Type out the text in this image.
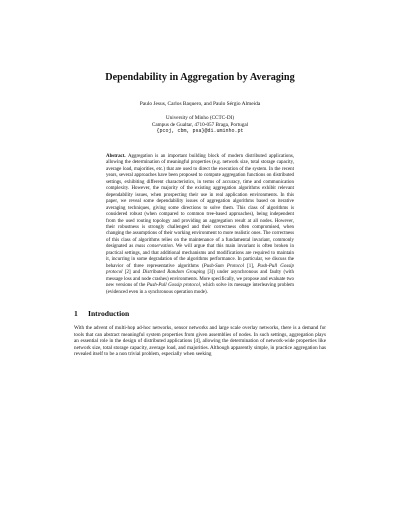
Dependability in Aggregation by Averaging
Paulo Jesus, Carlos Baquero, and Paulo Sérgio Almeida
University of Minho (CCTC-DI)
Campus de Gualtar, 4710-057 Braga, Portugal
{pcoj, cbm, psa}@di.uminho.pt
Abstract. Aggregation is an important building block of modern distributed applications, allowing the determination of meaningful properties (e.g. network size, total storage capacity, average load, majorities, etc.) that are used to direct the execution of the system. In the recent years, several approaches have been proposed to compute aggregation functions on distributed settings, exhibiting different characteristics, in terms of accuracy, time and communication complexity. However, the majority of the existing aggregation algorithms exhibit relevant dependability issues, when prospecting their use in real application environments. In this paper, we reveal some dependability issues of aggregation algorithms based on iterative averaging techniques, giving some directions to solve them. This class of algorithms is considered robust (when compared to common tree-based approaches), being independent from the used routing topology and providing an aggregation result at all nodes. However, their robustness is strongly challenged and their correctness often compromised, when changing the assumptions of their working environment to more realistic ones. The correctness of this class of algorithms relies on the maintenance of a fundamental invariant, commonly designated as mass conservation. We will argue that this main invariant is often broken in practical settings, and that additional mechanisms and modifications are required to maintain it, incurring in some degradation of the algorithms performance. In particular, we discuss the behavior of three representative algorithms (Push-Sum Protocol [1], Push-Pull Gossip protocol [2] and Distributed Random Grouping [3]) under asynchronous and faulty (with message loss and node crashes) environments. More specifically, we propose and evaluate two new versions of the Push-Pull Gossip protocol, which solve its message interleaving problem (evidenced even in a synchronous operation mode).
1 Introduction
With the advent of multi-hop ad-hoc networks, sensor networks and large scale overlay networks, there is a demand for tools that can abstract meaningful system properties from given assemblies of nodes. In such settings, aggregation plays an essential role in the design of distributed applications [4], allowing the determination of network-wide properties like network size, total storage capacity, average load, and majorities. Although apparently simple, in practice aggregation has revealed itself to be a non trivial problem, especially when seeking
